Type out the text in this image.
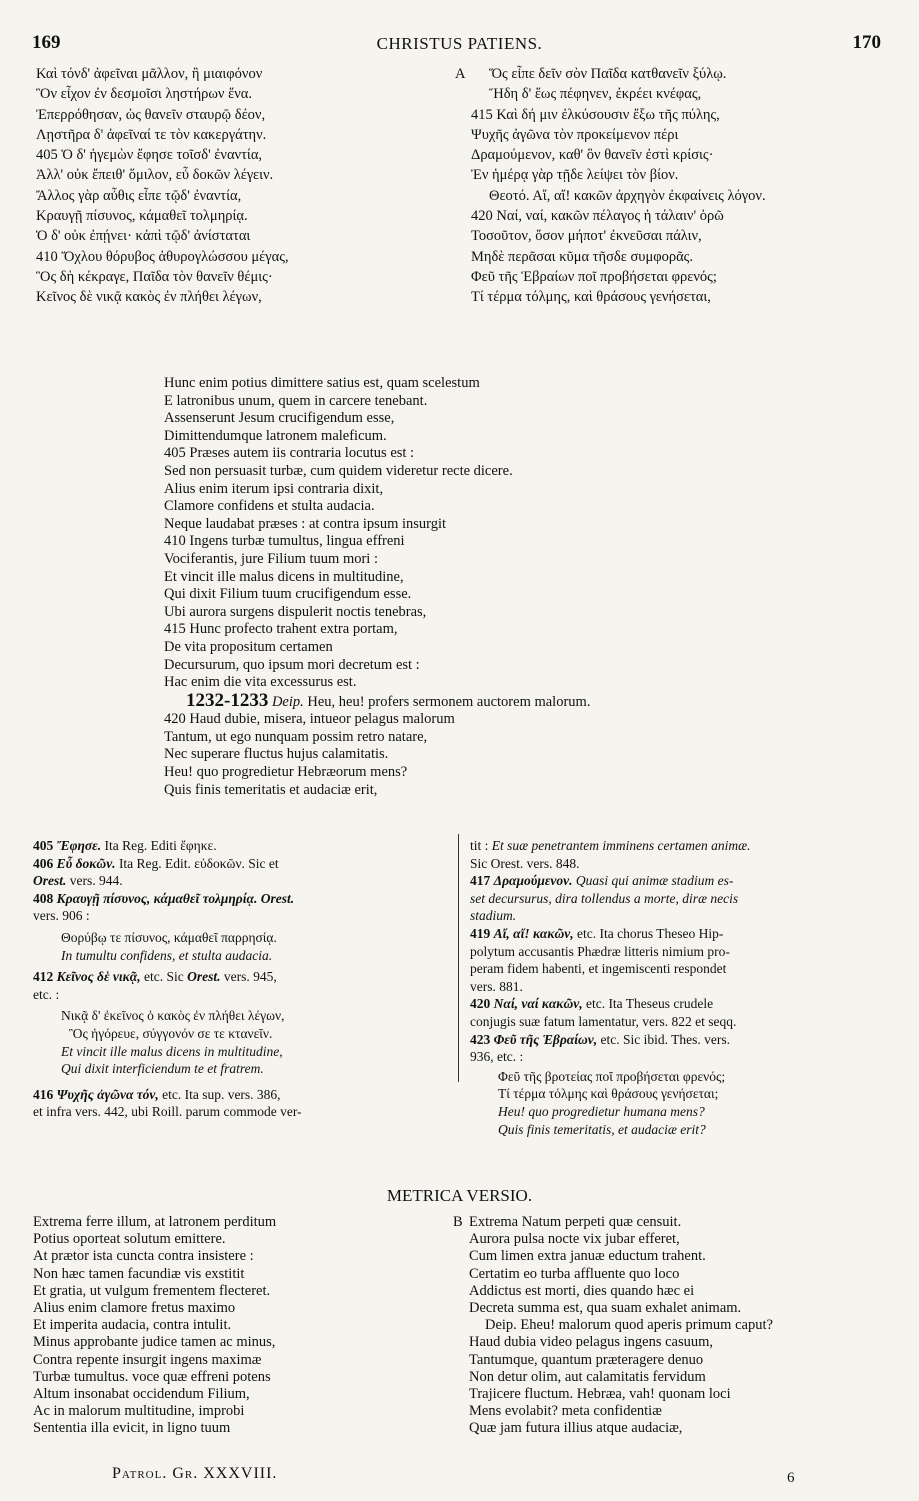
169	CHRISTUS PATIENS.	170
Καὶ τόνδ' ἀφεῖναι μᾶλλον, ἢ μιαιφόνον
Ὃν εἶχον ἐν δεσμοῖσι ληστήρων ἕνα.
Ἐπερρόθησαν, ὡς θανεῖν σταυρῷ δέον,
Λῃστῆρα δ' ἀφεῖναί τε τὸν κακεργάτην.
405 Ὁ δ' ἡγεμὼν ἔφησε τοῖσδ' ἐναντία,
Ἀλλ' οὐκ ἔπειθ' ὅμιλον, εὖ δοκῶν λέγειν.
Ἄλλος γὰρ αὖθις εἶπε τῷδ' ἐναντία,
Κραυγῇ πίσυνος, κάμαθεῖ τολμηρίᾳ.
Ὁ δ' οὐκ ἐπῄνει· κἀπὶ τῷδ' ἀνίσταται
410 Ὄχλου θόρυβος ἀθυρογλώσσου μέγας,
Ὃς δὴ κέκραγε, Παῖδα τὸν θανεῖν θέμις·
Κεῖνος δὲ νικᾷ κακὸς ἐν πλήθει λέγων,
A Ὅς εἶπε δεῖν σὸν Παῖδα κατθανεῖν ξύλῳ.
Ἤδη δ' ἕως πέφηνεν, ἐκρέει κνέφας,
415 Καὶ δή μιν ἐλκύσουσιν ἔξω τῆς πύλης,
Ψυχῆς ἀγῶνα τὸν προκείμενον πέρι
Δραμούμενον, καθ' ὃν θανεῖν ἐστὶ κρίσις·
Ἐν ἡμέρᾳ γὰρ τῇδε λείψει τὸν βίον.
Θεοτό. Αἴ, αἴ! κακῶν ἀρχηγὸν ἐκφαίνεις λόγον.
420 Ναί, ναί, κακῶν πέλαγος ἡ τάλαιν' ὁρῶ
Τοσοῦτον, ὅσον μήποτ' ἐκνεῦσαι πάλιν,
Μηδὲ περᾶσαι κῦμα τῆσδε συμφορᾶς.
Φεῦ τῆς Ἑβραίων ποῖ προβήσεται φρενός;
Τί τέρμα τόλμης, καὶ θράσους γενήσεται,
Hunc enim potius dimittere satius est, quam scelestum
E latronibus unum, quem in carcere tenebant.
Assenserunt Jesum crucifigendum esse,
Dimittendumque latronem maleficum.
405 Præses autem iis contraria locutus est :
Sed non persuasit turbæ, cum quidem videretur recte dicere.
Alius enim iterum ipsi contraria dixit,
Clamore confidens et stulta audacia.
Neque laudabat præses : at contra ipsum insurgit
410 Ingens turbæ tumultus, lingua effreni
Vociferantis, jure Filium tuum mori :
Et vincit ille malus dicens in multitudine,
Qui dixit Filium tuum crucifigendum esse.
Ubi aurora surgens dispulerit noctis tenebras,
415 Hunc profecto trahent extra portam,
De vita propositum certamen
Decursurum, quo ipsum mori decretum est :
Hac enim die vita excessurus est.
1232-1233 Deip. Heu, heu! profers sermonem auctorem malorum.
420 Haud dubie, misera, intueor pelagus malorum
Tantum, ut ego nunquam possim retro natare,
Nec superare fluctus hujus calamitatis.
Heu! quo progredietur Hebræorum mens?
Quis finis temeritatis et audaciæ erit,
405 Ἔφησε. Ita Reg. Editi ἔφηκε.
406 Εὖ δοκῶν. Ita Reg. Edit. εὐδοκῶν. Sic et
Orest. vers. 944.
408 Κραυγῇ πίσυνος, κάμαθεῖ τολμηρίᾳ. Orest.
vers. 906 :
Θορύβῳ τε πίσυνος, κάμαθεῖ παρρησίᾳ.
In tumultu confidens, et stulta audacia.
412 Κεῖνος δὲ νικᾷ, etc. Sic Orest. vers. 945,
etc. :
Νικᾷ δ' ἐκεῖνος ὁ κακὸς ἐν πλήθει λέγων,
Ὃς ἠγόρευε, σύγγονόν σε τε κτανεῖν.
Et vincit ille malus dicens in multitudine,
Qui dixit interficiendum te et fratrem.
416 Ψυχῆς ἀγῶνα τόν, etc. Ita sup. vers. 386,
et infra vers. 442, ubi Roill. parum commode ver-
tit : Et suæ penetrantem imminens certamen animæ.
Sic Orest. vers. 848.
417 Δραμούμενον. Quasi qui animæ stadium es-
set decursurus, dira tollendus a morte, diræ necis
stadium.
419 Αἴ, αἴ! κακῶν, etc. Ita chorus Theseo Hip-
polytum accusantis Phædræ litteris nimium pro-
peram fidem habenti, et ingemiscenti respondet
vers. 881.
420 Ναί, ναί κακῶν, etc. Ita Theseus crudele
conjugis suæ fatum lamentatur, vers. 822 et seqq.
423 Φεῦ τῆς Ἑβραίων, etc. Sic ibid. Thes. vers.
936, etc. :
Φεῦ τῆς βροτείας ποῖ προβήσεται φρενός;
Τί τέρμα τόλμης καὶ θράσους γενήσεται;
Heu! quo progredietur humana mens?
Quis finis temeritatis, et audaciæ erit?
METRICA VERSIO.
Extrema ferre illum, at latronem perditum
Potius oporteat solutum emittere.
At prætor ista cuncta contra insistere :
Non hæc tamen facundiæ vis exstitit
Et gratia, ut vulgum frementem flecteret.
Alius enim clamore fretus maximo
Et imperita audacia, contra intulit.
Minus approbante judice tamen ac minus,
Contra repente insurgit ingens maximæ
Turbæ tumultus. voce quæ effreni potens
Altum insonabat occidendum Filium,
Ac in malorum multitudine, improbi
Sententia illa evicit, in ligno tuum
B Extrema Natum perpeti quæ censuit.
Aurora pulsa nocte vix jubar efferet,
Cum limen extra januæ eductum trahent.
Certatim eo turba affluente quo loco
Addictus est morti, dies quando hæc ei
Decreta summa est, qua suam exhalet animam.
Deip. Eheu! malorum quod aperis primum caput?
Haud dubia video pelagus ingens casuum,
Tantumque, quantum præteragere denuo
Non detur olim, aut calamitatis fervidum
Trajicere fluctum. Hebræa, vah! quonam loci
Mens evolabit? meta confidentiæ
Quæ jam futura illius atque audaciæ,
Patrol. Gr. XXXVIII.	6
